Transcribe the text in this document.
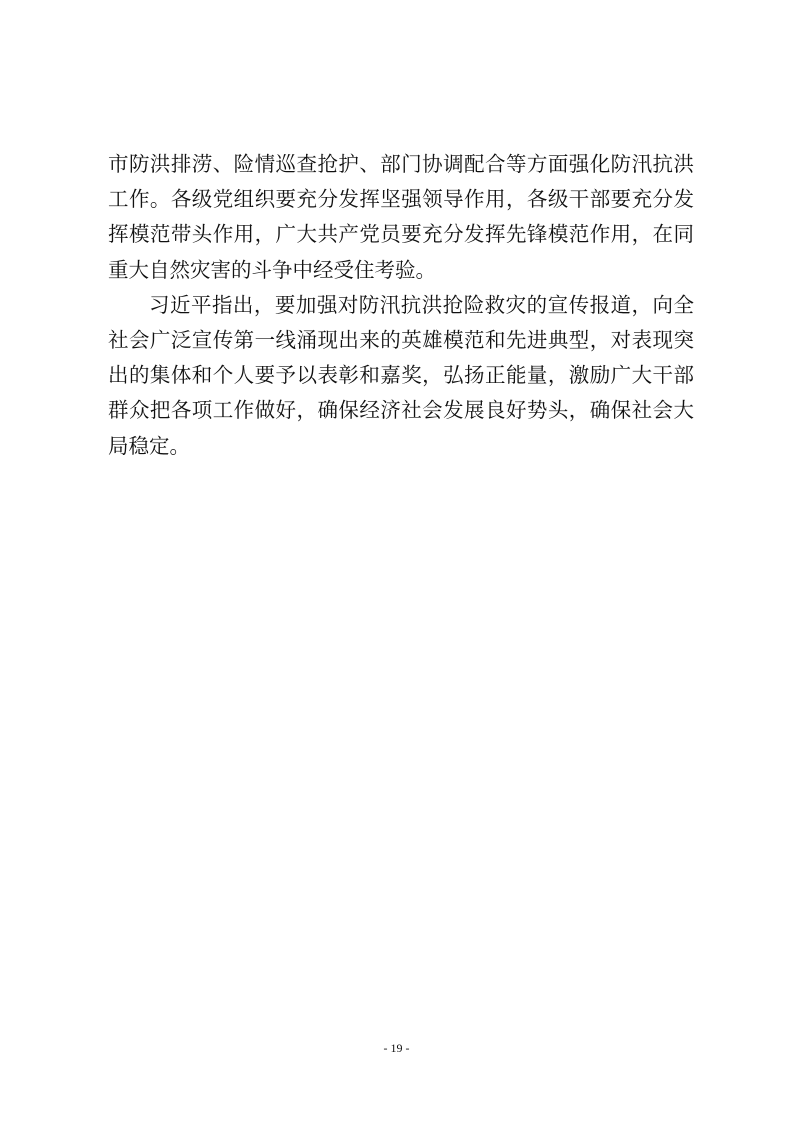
市防洪排涝、险情巡查抢护、部门协调配合等方面强化防汛抗洪

工作。各级党组织要充分发挥坚强领导作用，各级干部要充分发

挥模范带头作用，广大共产党员要充分发挥先锋模范作用，在同

重大自然灾害的斗争中经受住考验。

习近平指出，要加强对防汛抗洪抢险救灾的宣传报道，向全

社会广泛宣传第一线涌现出来的英雄模范和先进典型，对表现突

出的集体和个人要予以表彰和嘉奖，弘扬正能量，激励广大干部

群众把各项工作做好，确保经济社会发展良好势头，确保社会大

局稳定。

- 19 -
